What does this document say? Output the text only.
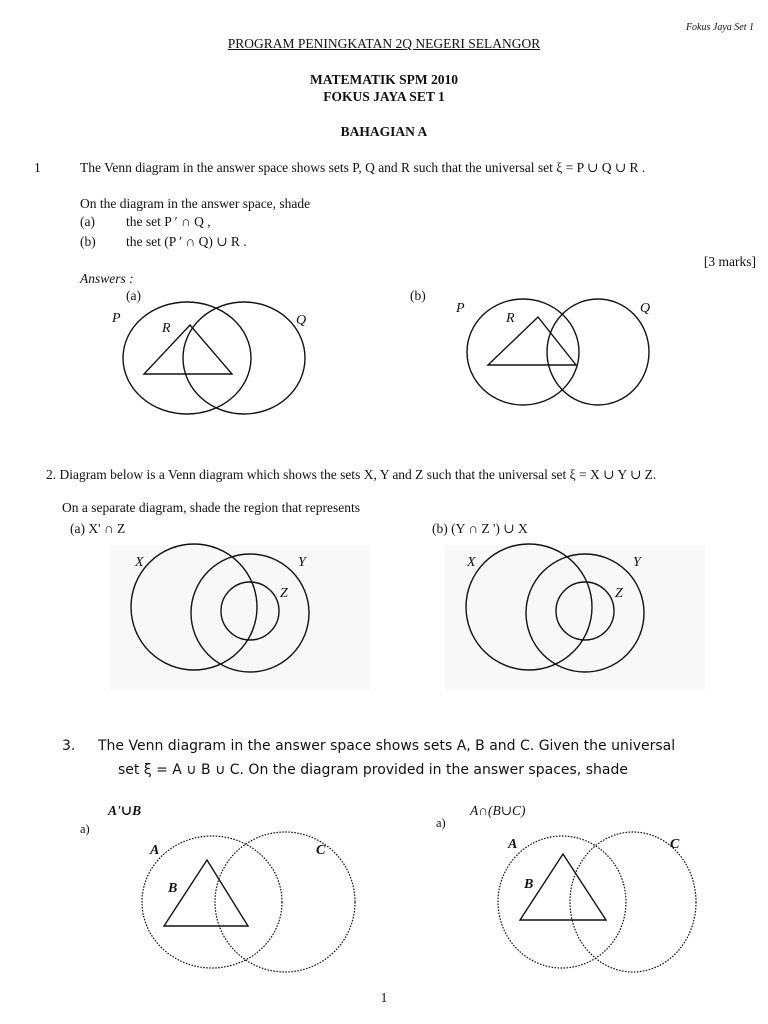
Fokus Jaya Set 1
PROGRAM PENINGKATAN 2Q NEGERI SELANGOR
MATEMATIK SPM 2010
FOKUS JAYA SET 1
BAHAGIAN A
1	The Venn diagram in the answer space shows sets P, Q and R such that the universal set ξ = P ∪ Q ∪ R .
On the diagram in the answer space, shade
(a) the set P ′ ∩ Q ,
(b) the set (P ′ ∩ Q) ∪ R .
[3 marks]
Answers :
(a)
P	Q
R
(b)
P	Q
R
2. Diagram below is a Venn diagram which shows the sets X, Y and Z such that the universal set ξ = X ∪ Y ∪ Z.
On a separate diagram, shade the region that represents
(a) X' ∩ Z	(b) (Y ∩ Z ') ∪ X
X	Y
Z
X	Y
Z
3. The Venn diagram in the answer space shows sets A, B and C. Given the universal
set ξ = A ∪ B ∪ C. On the diagram provided in the answer spaces, shade
A'∪B
a)
A∩(B∪C)
a)
A	C
B
A	C
B
1
